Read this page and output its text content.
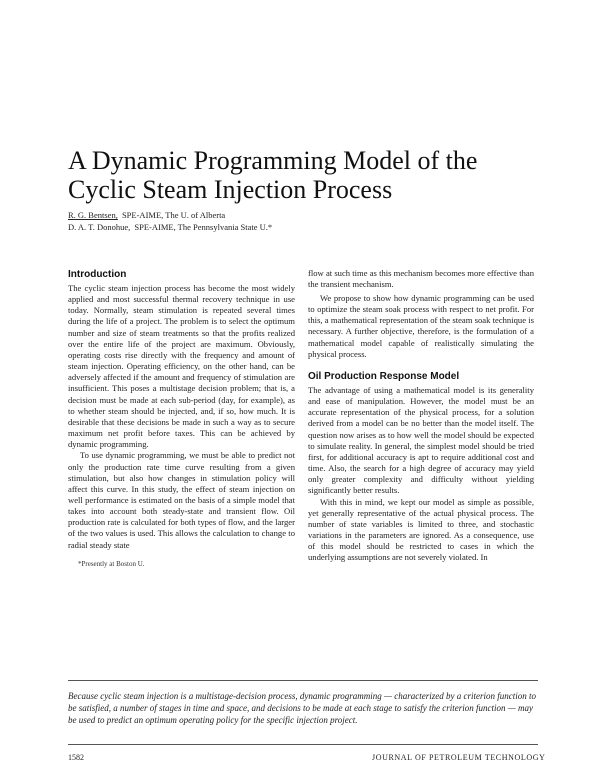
A Dynamic Programming Model of the Cyclic Steam Injection Process
R. G. Bentsen, SPE-AIME, The U. of Alberta
D. A. T. Donohue, SPE-AIME, The Pennsylvania State U.*
Introduction

The cyclic steam injection process has become the most widely applied and most successful thermal recovery technique in use today. Normally, steam stimulation is repeated several times during the life of a project. The problem is to select the optimum number and size of steam treatments so that the profits realized over the entire life of the project are maximum. Obviously, operating costs rise directly with the frequency and amount of steam injection. Operating efficiency, on the other hand, can be adversely affected if the amount and frequency of stimulation are insufficient. This poses a multistage decision problem; that is, a decision must be made at each sub-period (day, for example), as to whether steam should be injected, and, if so, how much. It is desirable that these decisions be made in such a way as to secure maximum net profit before taxes. This can be achieved by dynamic programming.

To use dynamic programming, we must be able to predict not only the production rate time curve resulting from a given stimulation, but also how changes in stimulation policy will affect this curve. In this study, the effect of steam injection on well performance is estimated on the basis of a simple model that takes into account both steady-state and transient flow. Oil production rate is calculated for both types of flow, and the larger of the two values is used. This allows the calculation to change to radial steady state

flow at such time as this mechanism becomes more effective than the transient mechanism.

We propose to show how dynamic programming can be used to optimize the steam soak process with respect to net profit. For this, a mathematical representation of the steam soak technique is necessary. A further objective, therefore, is the formulation of a mathematical model capable of realistically simulating the physical process.

Oil Production Response Model

The advantage of using a mathematical model is its generality and ease of manipulation. However, the model must be an accurate representation of the physical process, for a solution derived from a model can be no better than the model itself. The question now arises as to how well the model should be expected to simulate reality. In general, the simplest model should be tried first, for additional accuracy is apt to require additional cost and time. Also, the search for a high degree of accuracy may yield only greater complexity and difficulty without yielding significantly better results.

With this in mind, we kept our model as simple as possible, yet generally representative of the actual physical process. The number of state variables is limited to three, and stochastic variations in the parameters are ignored. As a consequence, use of this model should be restricted to cases in which the underlying assumptions are not severely violated. In

*Presently at Boston U.

Because cyclic steam injection is a multistage-decision process, dynamic programming — characterized by a criterion function to be satisfied, a number of stages in time and space, and decisions to be made at each stage to satisfy the criterion function — may be used to predict an optimum operating policy for the specific injection project.

1582	JOURNAL OF PETROLEUM TECHNOLOGY
